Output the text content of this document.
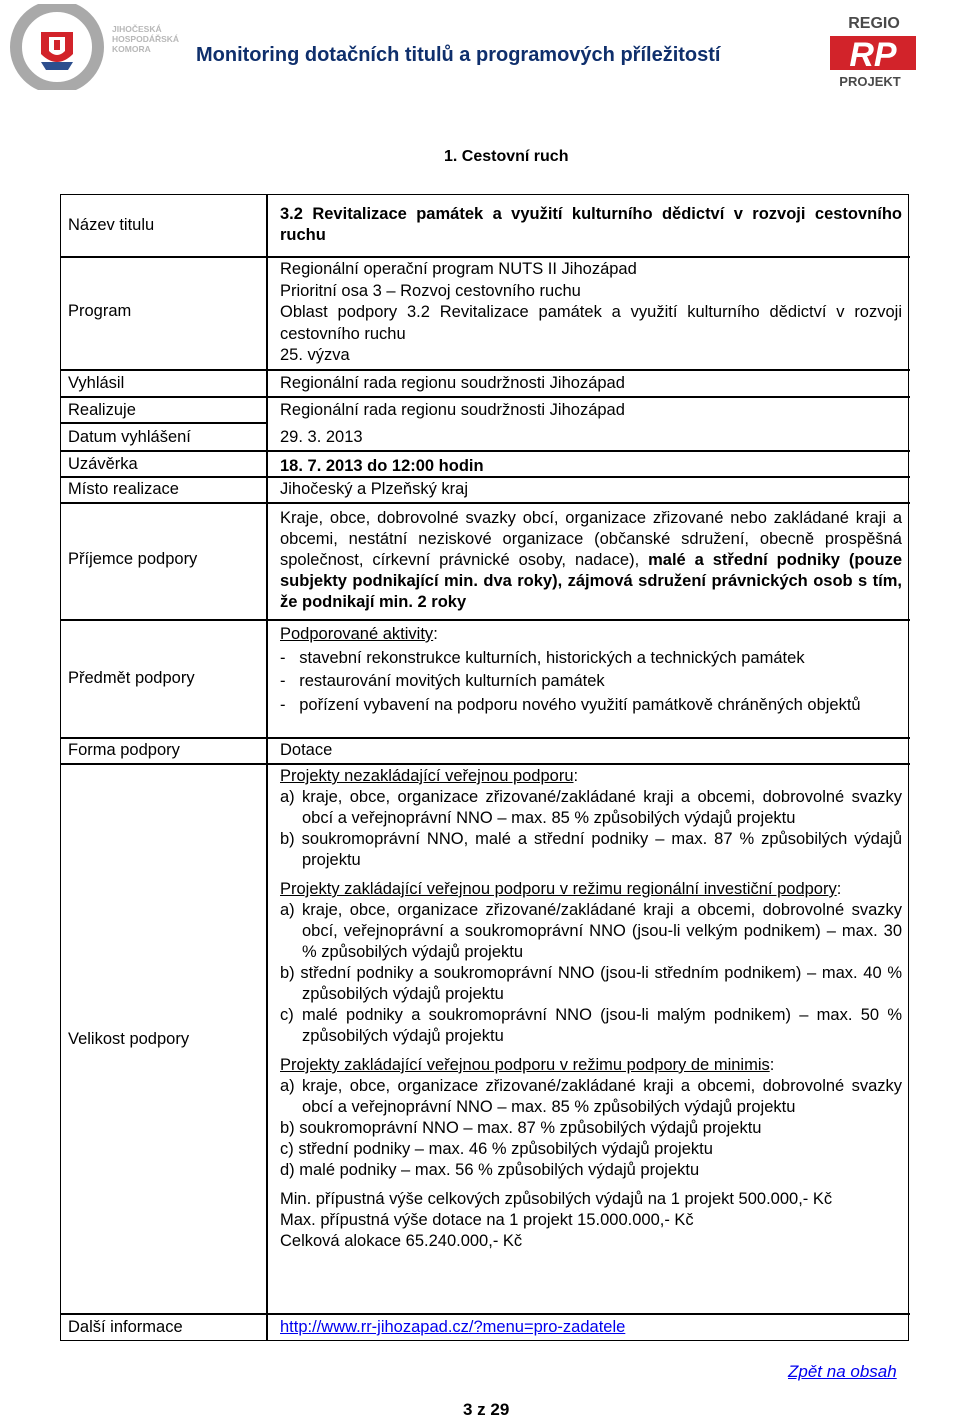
JIHOČESKÁ
HOSPODÁŘSKÁ
KOMORA	Monitoring dotačních titulů a programových příležitostí
REGIO
RP
PROJEKT
1. Cestovní ruch
Název titulu
Program
Vyhlásil
Realizuje
Datum vyhlášení
Uzávěrka
Místo realizace
Příjemce podpory
Předmět podpory
Forma podpory
Velikost podpory
Další informace
3.2 Revitalizace památek a využití kulturního dědictví v rozvoji cestovního ruchu

Regionální operační program NUTS II Jihozápad

Prioritní osa 3 – Rozvoj cestovního ruchu

Oblast podpory 3.2 Revitalizace památek a využití kulturního dědictví v rozvoji cestovního ruchu

25. výzva

Regionální rada regionu soudržnosti Jihozápad
Regionální rada regionu soudržnosti Jihozápad
29. 3. 2013
18. 7. 2013 do 12:00 hodin
Jihočeský a Plzeňský kraj
Kraje, obce, dobrovolné svazky obcí, organizace zřizované nebo zakládané kraji a obcemi, nestátní neziskové organizace (občanské sdružení, obecně prospěšná společnost, církevní právnické osoby, nadace), malé a střední podniky (pouze subjekty podnikající min. dva roky), zájmová sdružení právnických osob s tím, že podnikají min. 2 roky

Podporované aktivity:

-   stavební rekonstrukce kulturních, historických a technických památek

-   restaurování movitých kulturních památek

-   pořízení vybavení na podporu nového využití památkově chráněných objektů

Dotace

Projekty nezakládající veřejnou podporu:

a) kraje, obce, organizace zřizované/zakládané kraji a obcemi, dobrovolné svazky obcí a veřejnoprávní NNO – max. 85 % způsobilých výdajů projektu

b) soukromoprávní NNO, malé a střední podniky – max. 87 % způsobilých výdajů projektu

Projekty zakládající veřejnou podporu v režimu regionální investiční podpory:

a) kraje, obce, organizace zřizované/zakládané kraji a obcemi, dobrovolné svazky obcí, veřejnoprávní a soukromoprávní NNO (jsou-li velkým podnikem) – max. 30 % způsobilých výdajů projektu

b) střední podniky a soukromoprávní NNO (jsou-li středním podnikem) – max. 40 % způsobilých výdajů projektu

c) malé podniky a soukromoprávní NNO (jsou-li malým podnikem) – max. 50 % způsobilých výdajů projektu

Projekty zakládající veřejnou podporu v režimu podpory de minimis:

a) kraje, obce, organizace zřizované/zakládané kraji a obcemi, dobrovolné svazky obcí a veřejnoprávní NNO – max. 85 % způsobilých výdajů projektu

b) soukromoprávní NNO – max. 87 % způsobilých výdajů projektu

c) střední podniky – max. 46 % způsobilých výdajů projektu

d) malé podniky – max. 56 % způsobilých výdajů projektu

Min. přípustná výše celkových způsobilých výdajů na 1 projekt 500.000,- Kč

Max. přípustná výše dotace na 1 projekt 15.000.000,- Kč

Celková alokace 65.240.000,- Kč

http://www.rr-jihozapad.cz/?menu=pro-zadatele
Zpět na obsah
3 z 29
